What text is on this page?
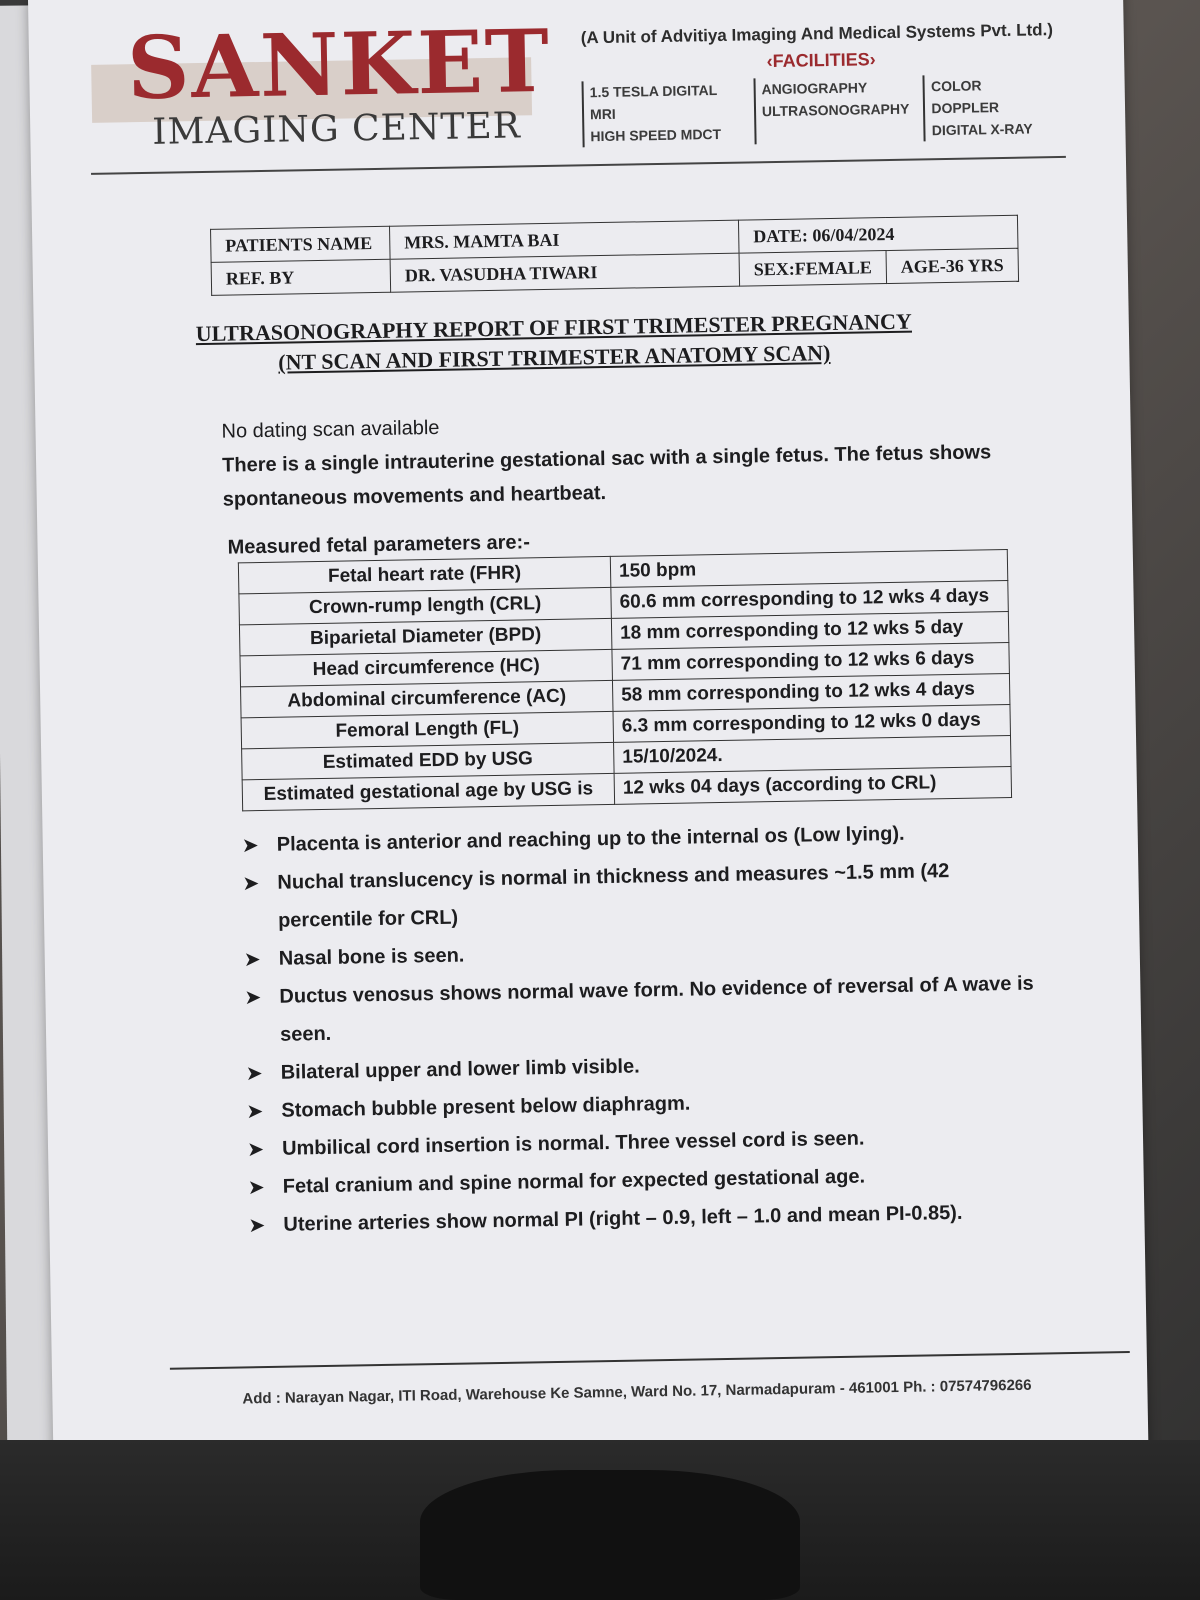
SANKET
IMAGING CENTER
(A Unit of Advitiya Imaging And Medical Systems Pvt. Ltd.)
‹FACILITIES›
1.5 TESLA DIGITAL MRI
HIGH SPEED MDCT
ANGIOGRAPHY
ULTRASONOGRAPHY
COLOR DOPPLER
DIGITAL X-RAY
PATIENTS NAME	MRS. MAMTA BAI	DATE: 06/04/2024	
REF. BY	DR. VASUDHA TIWARI	SEX:FEMALE	AGE-36 YRS
ULTRASONOGRAPHY REPORT OF FIRST TRIMESTER PREGNANCY
(NT SCAN AND FIRST TRIMESTER ANATOMY SCAN)
No dating scan available
There is a single intrauterine gestational sac with a single fetus. The fetus shows spontaneous movements and heartbeat.
Measured fetal parameters are:-
Fetal heart rate (FHR)	150 bpm
Crown-rump length (CRL)	60.6 mm corresponding to 12 wks 4 days
Biparietal Diameter (BPD)	18 mm corresponding to 12 wks 5 day
Head circumference (HC)	71 mm corresponding to 12 wks 6 days
Abdominal circumference (AC)	58 mm corresponding to 12 wks 4 days
Femoral Length (FL)	6.3 mm corresponding to 12 wks 0 days
Estimated EDD by USG	15/10/2024.
Estimated gestational age by USG is	12 wks 04 days (according to CRL)
➤ Placenta is anterior and reaching up to the internal os (Low lying).
➤ Nuchal translucency is normal in thickness and measures ~1.5 mm (42 percentile for CRL)
➤ Nasal bone is seen.
➤ Ductus venosus shows normal wave form. No evidence of reversal of A wave is seen.
➤ Bilateral upper and lower limb visible.
➤ Stomach bubble present below diaphragm.
➤ Umbilical cord insertion is normal. Three vessel cord is seen.
➤ Fetal cranium and spine normal for expected gestational age.
➤ Uterine arteries show normal PI (right – 0.9, left – 1.0 and mean PI-0.85).
Add : Narayan Nagar, ITI Road, Warehouse Ke Samne, Ward No. 17, Narmadapuram - 461001 Ph. : 07574796266
